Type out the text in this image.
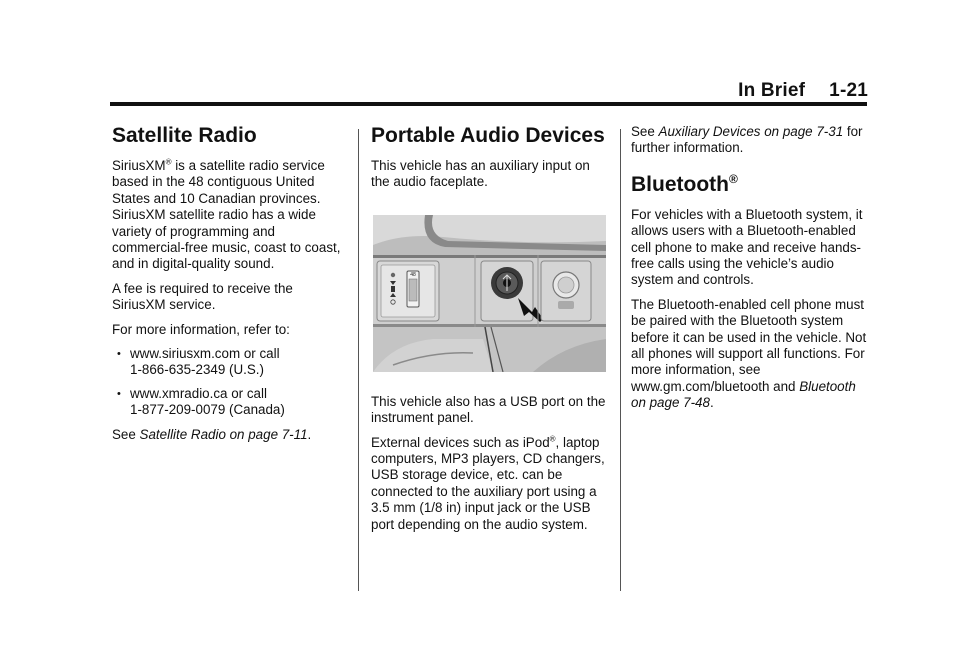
In Brief 1-21
Satellite Radio

SiriusXM® is a satellite radio service based in the 48 contiguous United States and 10 Canadian provinces. SiriusXM satellite radio has a wide variety of programming and commercial-free music, coast to coast, and in digital-quality sound.

A fee is required to receive the SiriusXM service.

For more information, refer to:

• www.siriusxm.com or call
1-866-635-2349 (U.S.)
• www.xmradio.ca or call
1-877-209-0079 (Canada)

See Satellite Radio on page 7-11.

Portable Audio Devices

This vehicle has an auxiliary input on the audio faceplate.

48

This vehicle also has a USB port on the instrument panel.

External devices such as iPod®, laptop computers, MP3 players, CD changers, USB storage device, etc. can be connected to the auxiliary port using a 3.5 mm (1/8 in) input jack or the USB port depending on the audio system.

See Auxiliary Devices on page 7-31 for further information.

Bluetooth®

For vehicles with a Bluetooth system, it allows users with a Bluetooth-enabled cell phone to make and receive hands-free calls using the vehicle’s audio system and controls.

The Bluetooth-enabled cell phone must be paired with the Bluetooth system before it can be used in the vehicle. Not all phones will support all functions. For more information, see www.gm.com/bluetooth and Bluetooth on page 7-48.
